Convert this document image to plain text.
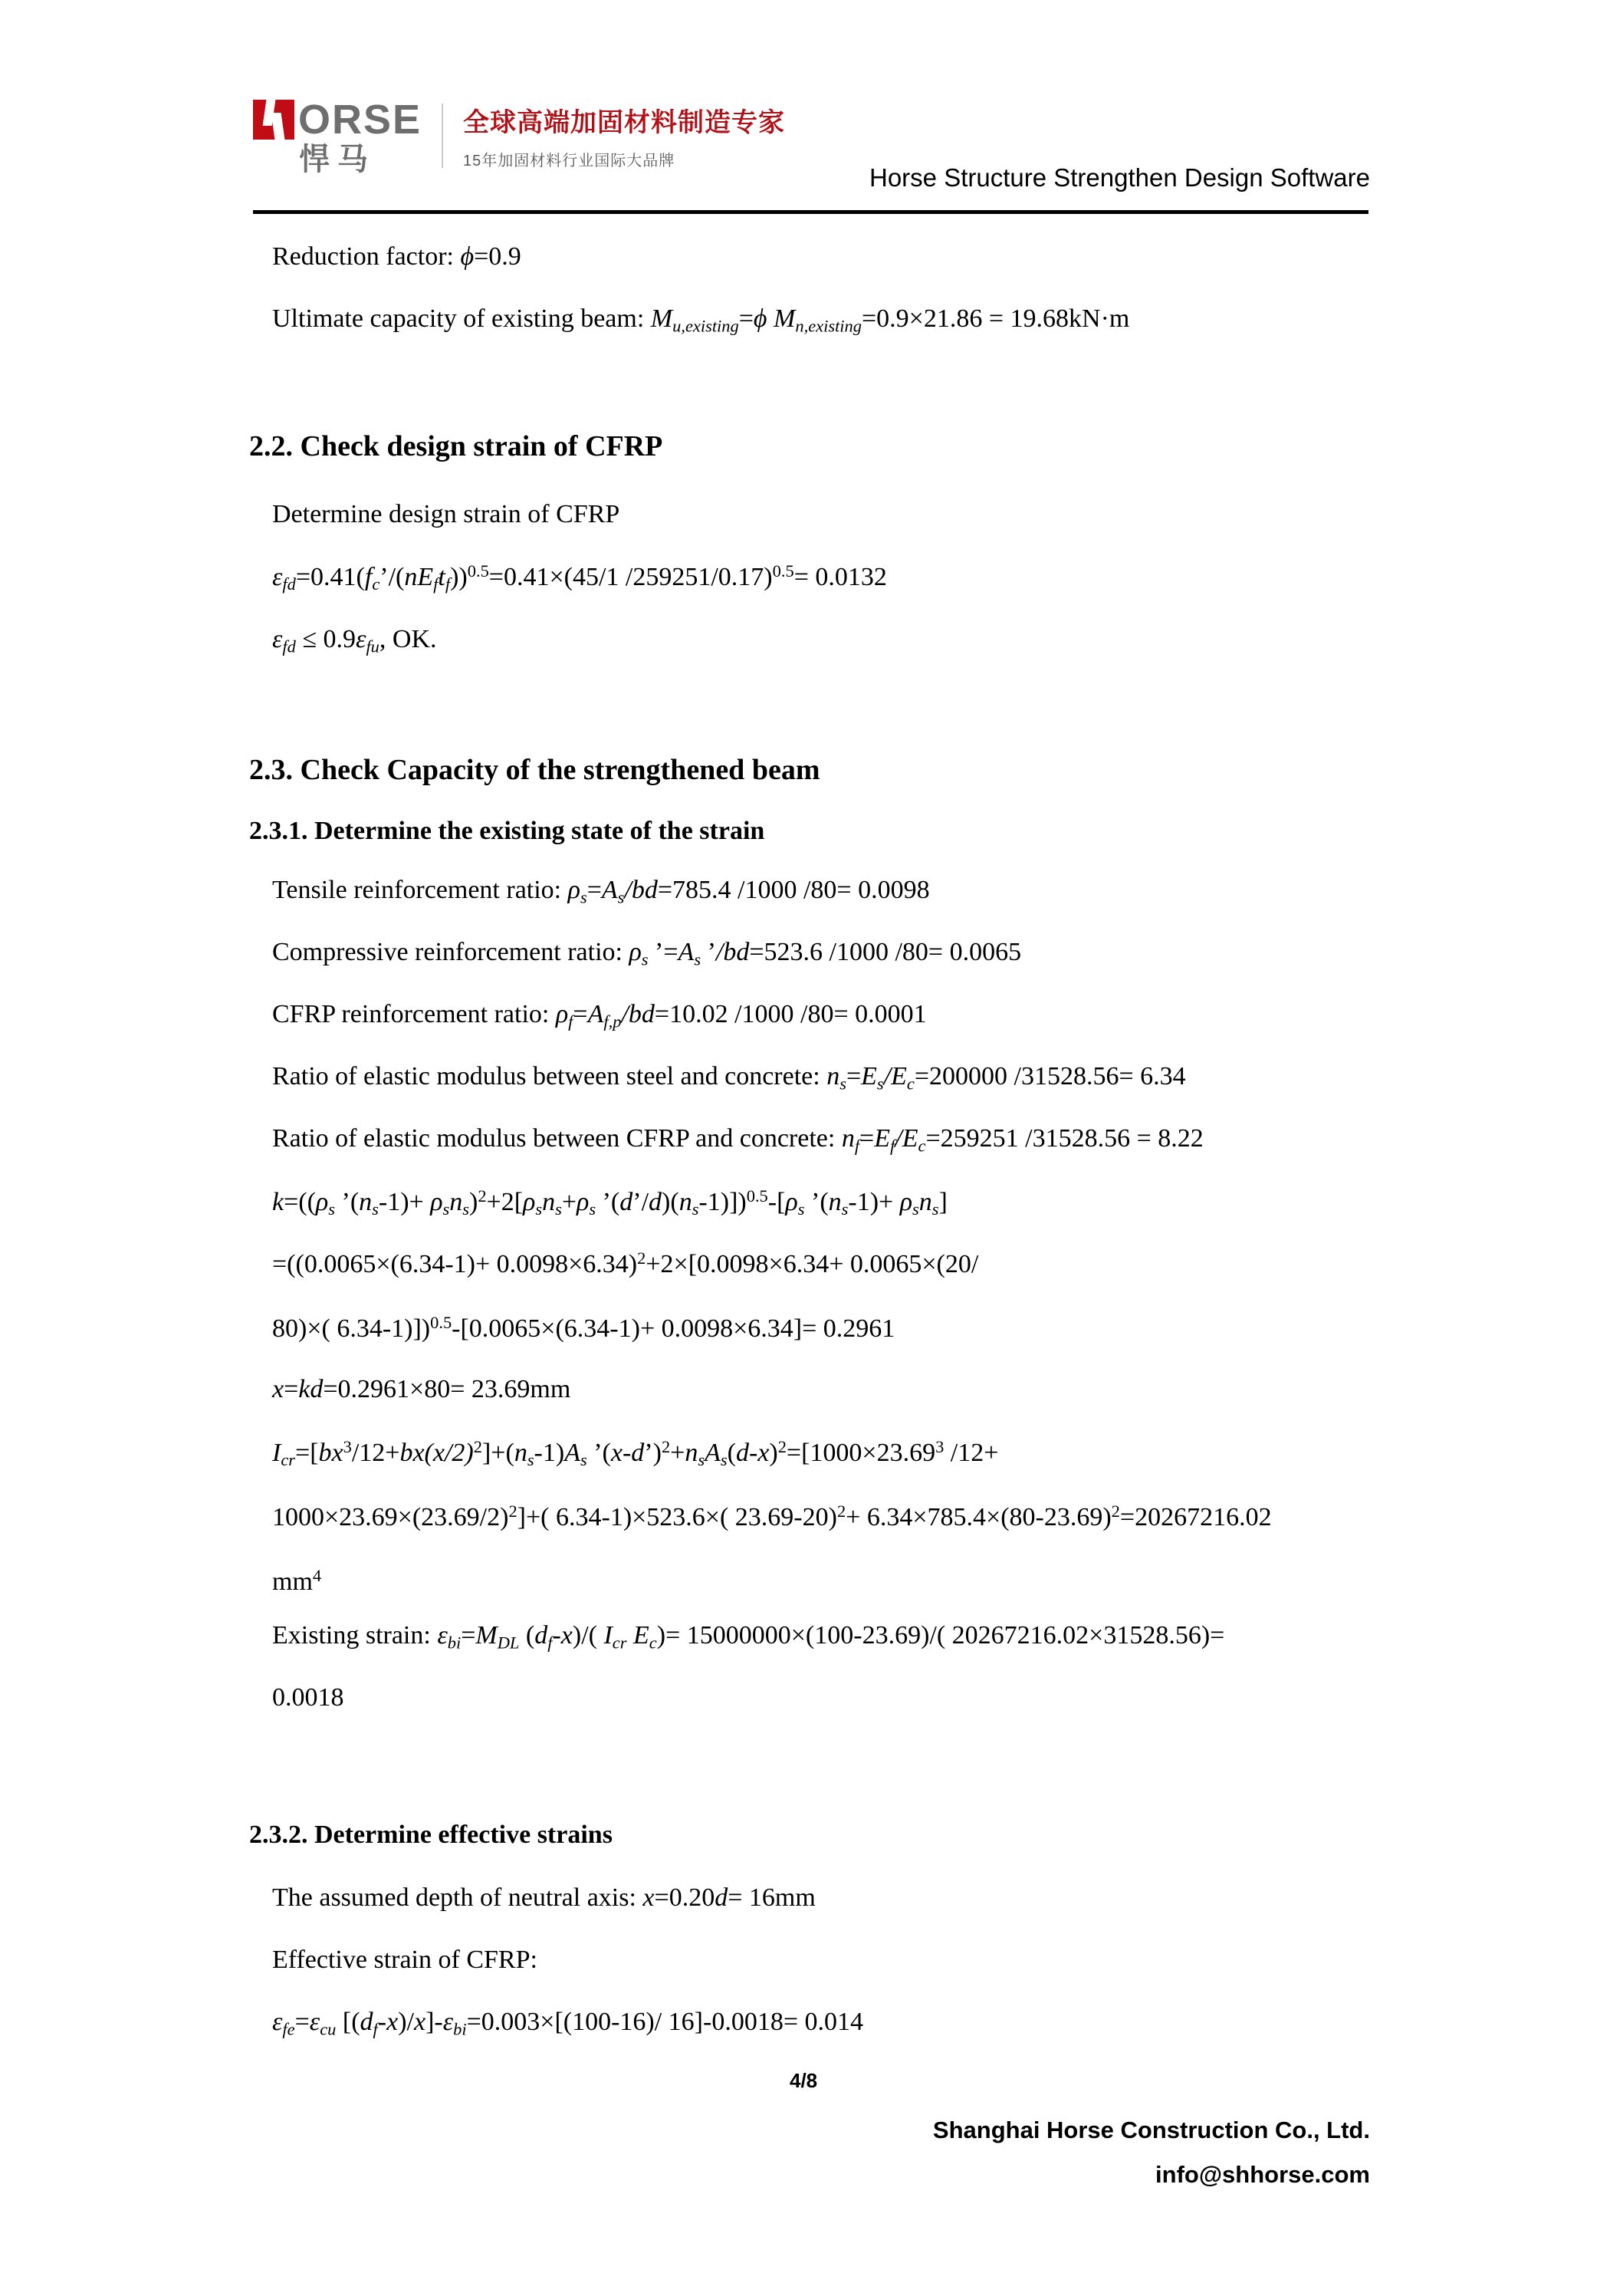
ORSE
悍马
全球高端加固材料制造专家
15年加固材料行业国际大品牌
Horse Structure Strengthen Design Software
Reduction factor: ϕ=0.9
Ultimate capacity of existing beam: $M_{u,existing}=\phi$ $M_{n,existing}=0.9\times 21.86 = 19.68kN\cdot m$
2.2. Check design strain of CFRP
Determine design strain of CFRP
$\varepsilon_{fd}=0.41(f_c’/(nE_ft_f))^{0.5}=0.41\times(45/1$ /259251/0.17)$^{0.5}$= 0.0132
$\varepsilon_{fd} \le 0.9\varepsilon_{fu}$, OK.
2.3. Check Capacity of the strengthened beam
2.3.1. Determine the existing state of the strain
Tensile reinforcement ratio: $\rho_s=A_s/bd=785.4$ /1000 /80= 0.0098
Compressive reinforcement ratio: $\rho_s$ $’=A_s$ ’/bd=523.6 /1000 /80= 0.0065
CFRP reinforcement ratio: $\rho_f=A_{f,p}/bd=10.02$ /1000 /80= 0.0001
Ratio of elastic modulus between steel and concrete: $n_s=E_s/E_c=200000$ /31528.56= 6.34
Ratio of elastic modulus between CFRP and concrete: $n_f=E_f/E_c=259251$ /31528.56 = 8.22
$k=((\rho_s$ $’(n_s-1)+ \rho_sn_s)^2+2[\rho_sn_s+\rho_s$ $’(d’/d)(n_s-1)])^{0.5}-[\rho_s$ $’(n_s-1)+ \rho_sn_s$]
$=((0.0065\times(6.34-1)+ 0.0098\times 6.34)^2+2\times[0.0098\times 6.34+ 0.0065\times(20/$
80)×( 6.34-1)])$^{0.5}$-[0.0065×(6.34-1)+ 0.0098×6.34]= 0.2961
x=kd=0.2961×80= 23.69mm
$I_{cr}=[bx^3/12+bx(x/2)^2]+(n_s-1)A_s$ $’(x-d’)^2+n_sA_s(d-x)^2=[1000\times 23.69^3$ /12+
$1000\times 23.69\times(23.69/2)^2]+$( 6.34-1)×523.6×( $23.69-20)^2+ 6.34\times 785.4\times(80-23.69)^2=20267216.02$
$mm^4$
Existing strain: $\varepsilon_{bi}=M_{DL}$ $(d_f-x)/$( $I_{cr}$ $E_c)= 15000000\times(100-23.69)/$( 20267216.02×31528.56)=
0.0018
2.3.2. Determine effective strains
The assumed depth of neutral axis: x=0.20d= 16mm
Effective strain of CFRP:
$\varepsilon_{fe}=\varepsilon_{cu}$ $[(d_f-x)/x]-\varepsilon_{bi}=0.003\times[(100-16)/$ 16]-0.0018= 0.014
4/8
Shanghai Horse Construction Co., Ltd.
info@shhorse.com
